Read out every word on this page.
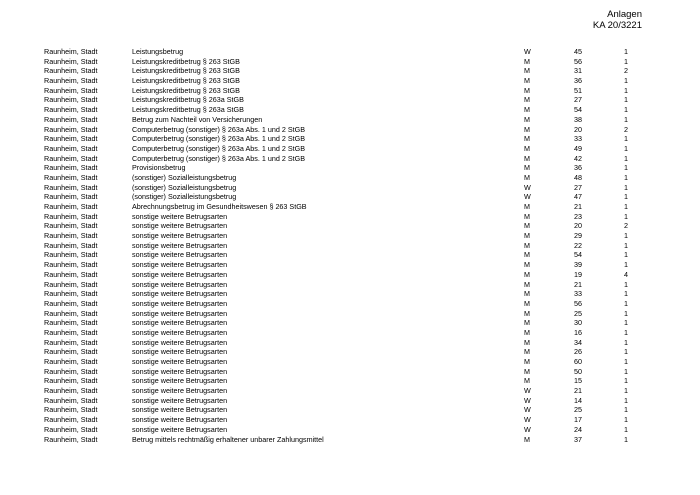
Anlagen
KA 20/3221
Raunheim, Stadt	Leistungsbetrug	W	45	1
Raunheim, Stadt	Leistungskreditbetrug § 263 StGB	M	56	1
Raunheim, Stadt	Leistungskreditbetrug § 263 StGB	M	31	2
Raunheim, Stadt	Leistungskreditbetrug § 263 StGB	M	36	1
Raunheim, Stadt	Leistungskreditbetrug § 263 StGB	M	51	1
Raunheim, Stadt	Leistungskreditbetrug § 263a StGB	M	27	1
Raunheim, Stadt	Leistungskreditbetrug § 263a StGB	M	54	1
Raunheim, Stadt	Betrug zum Nachteil von Versicherungen	M	38	1
Raunheim, Stadt	Computerbetrug (sonstiger) § 263a Abs. 1 und 2 StGB	M	20	2
Raunheim, Stadt	Computerbetrug (sonstiger) § 263a Abs. 1 und 2 StGB	M	33	1
Raunheim, Stadt	Computerbetrug (sonstiger) § 263a Abs. 1 und 2 StGB	M	49	1
Raunheim, Stadt	Computerbetrug (sonstiger) § 263a Abs. 1 und 2 StGB	M	42	1
Raunheim, Stadt	Provisionsbetrug	M	36	1
Raunheim, Stadt	(sonstiger) Sozialleistungsbetrug	M	48	1
Raunheim, Stadt	(sonstiger) Sozialleistungsbetrug	W	27	1
Raunheim, Stadt	(sonstiger) Sozialleistungsbetrug	W	47	1
Raunheim, Stadt	Abrechnungsbetrug im Gesundheitswesen § 263 StGB	M	21	1
Raunheim, Stadt	sonstige weitere Betrugsarten	M	23	1
Raunheim, Stadt	sonstige weitere Betrugsarten	M	20	2
Raunheim, Stadt	sonstige weitere Betrugsarten	M	29	1
Raunheim, Stadt	sonstige weitere Betrugsarten	M	22	1
Raunheim, Stadt	sonstige weitere Betrugsarten	M	54	1
Raunheim, Stadt	sonstige weitere Betrugsarten	M	39	1
Raunheim, Stadt	sonstige weitere Betrugsarten	M	19	4
Raunheim, Stadt	sonstige weitere Betrugsarten	M	21	1
Raunheim, Stadt	sonstige weitere Betrugsarten	M	33	1
Raunheim, Stadt	sonstige weitere Betrugsarten	M	56	1
Raunheim, Stadt	sonstige weitere Betrugsarten	M	25	1
Raunheim, Stadt	sonstige weitere Betrugsarten	M	30	1
Raunheim, Stadt	sonstige weitere Betrugsarten	M	16	1
Raunheim, Stadt	sonstige weitere Betrugsarten	M	34	1
Raunheim, Stadt	sonstige weitere Betrugsarten	M	26	1
Raunheim, Stadt	sonstige weitere Betrugsarten	M	60	1
Raunheim, Stadt	sonstige weitere Betrugsarten	M	50	1
Raunheim, Stadt	sonstige weitere Betrugsarten	M	15	1
Raunheim, Stadt	sonstige weitere Betrugsarten	W	21	1
Raunheim, Stadt	sonstige weitere Betrugsarten	W	14	1
Raunheim, Stadt	sonstige weitere Betrugsarten	W	25	1
Raunheim, Stadt	sonstige weitere Betrugsarten	W	17	1
Raunheim, Stadt	sonstige weitere Betrugsarten	W	24	1
Raunheim, Stadt	Betrug mittels rechtmäßig erhaltener unbarer Zahlungsmittel	M	37	1
